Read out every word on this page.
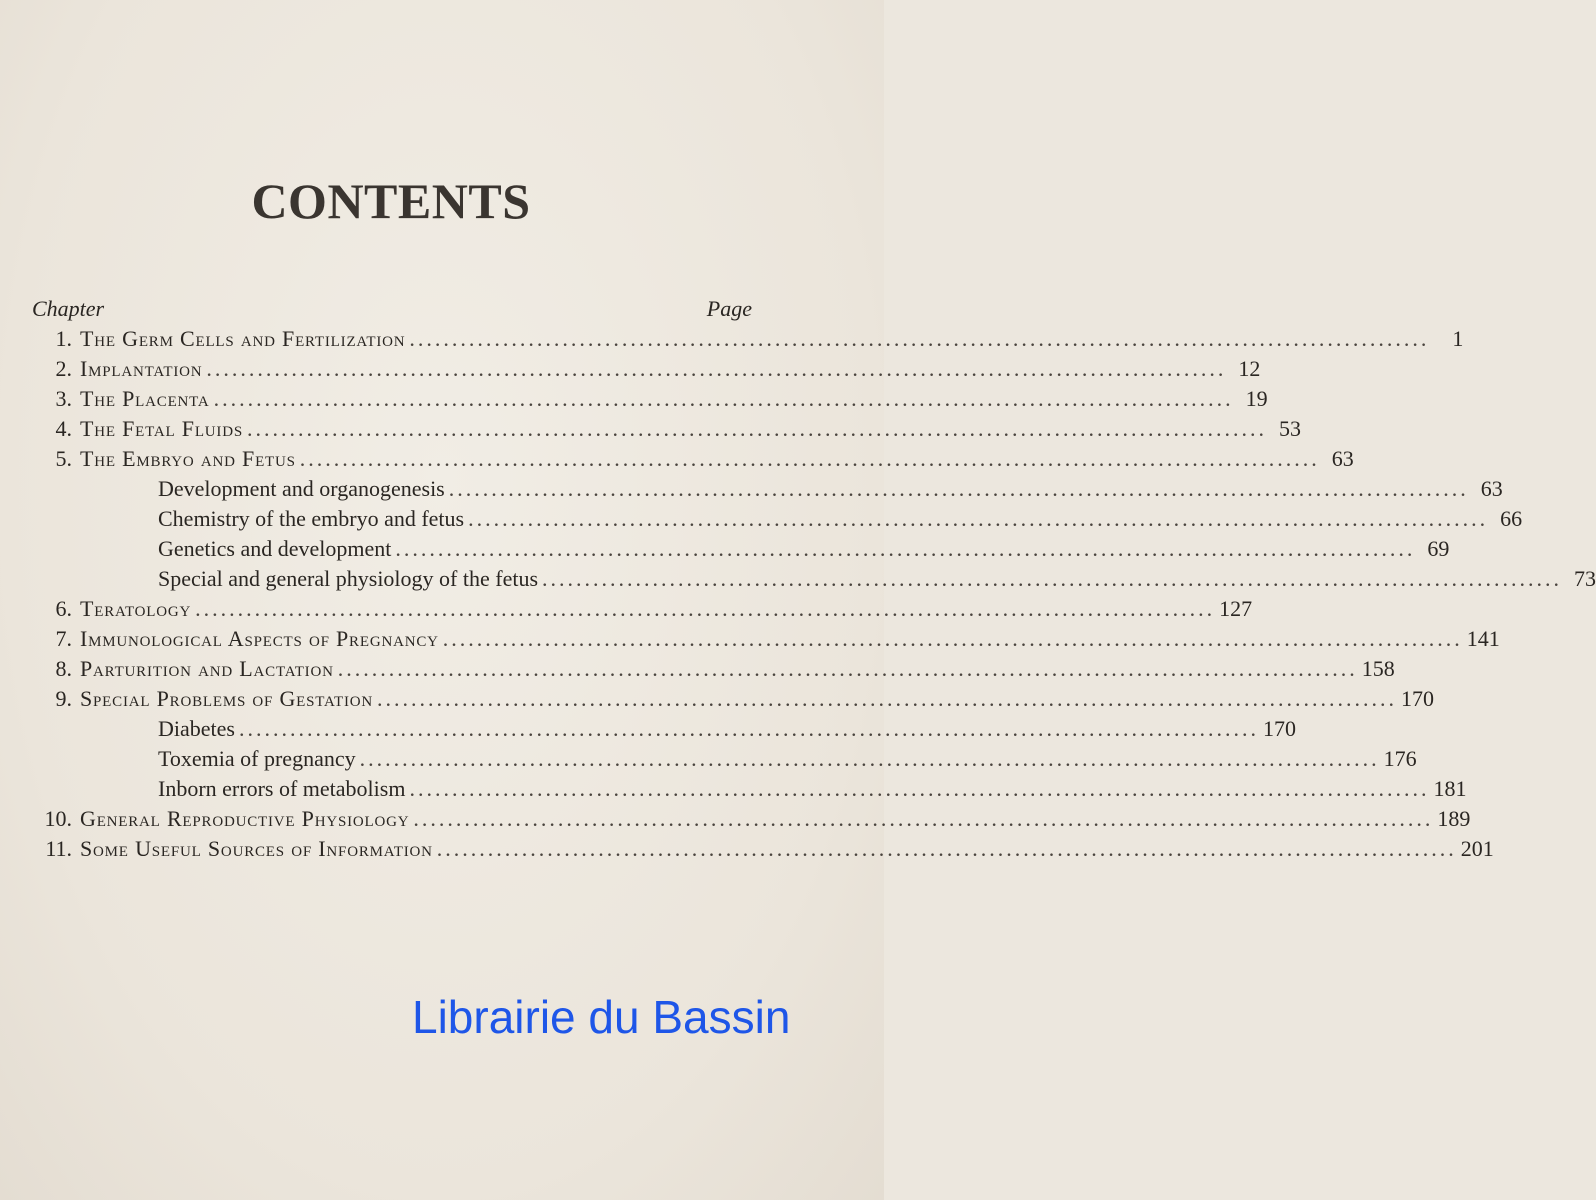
CONTENTS
Chapter	Page
1. The Germ Cells and Fertilization ........................................................................................................................	1
2. Implantation ........................................................................................................................ 12
3. The Placenta ........................................................................................................................ 19
4. The Fetal Fluids ........................................................................................................................ 53
5. The Embryo and Fetus ........................................................................................................................ 63
Development and organogenesis ........................................................................................................................ 63
Chemistry of the embryo and fetus ........................................................................................................................ 66
Genetics and development ........................................................................................................................ 69
Special and general physiology of the fetus ........................................................................................................................ 73
6. Teratology ........................................................................................................................ 127
7. Immunological Aspects of Pregnancy ........................................................................................................................ 141
8. Parturition and Lactation ........................................................................................................................ 158
9. Special Problems of Gestation ........................................................................................................................ 170
Diabetes ........................................................................................................................ 170
Toxemia of pregnancy ........................................................................................................................ 176
Inborn errors of metabolism ........................................................................................................................ 181
10. General Reproductive Physiology ........................................................................................................................ 189
11. Some Useful Sources of Information ........................................................................................................................ 201
Librairie du Bassin
